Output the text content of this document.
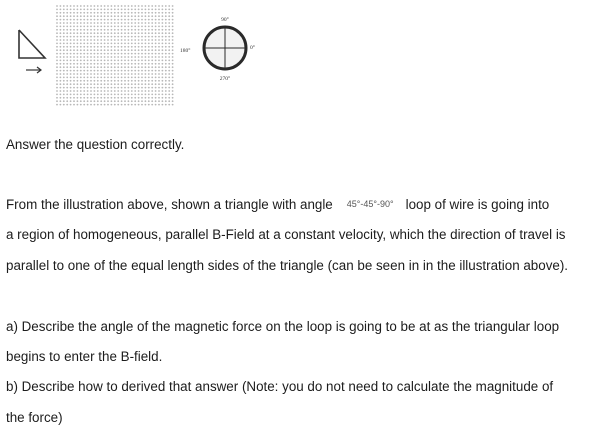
90°
0°
270°
180°
Answer the question correctly.
From the illustration above, shown a triangle with angle 45°-45°-90° loop of wire is going into
a region of homogeneous, parallel B-Field at a constant velocity, which the direction of travel is
parallel to one of the equal length sides of the triangle (can be seen in in the illustration above).
a) Describe the angle of the magnetic force on the loop is going to be at as the triangular loop
begins to enter the B-field.
b) Describe how to derived that answer (Note: you do not need to calculate the magnitude of
the force)
